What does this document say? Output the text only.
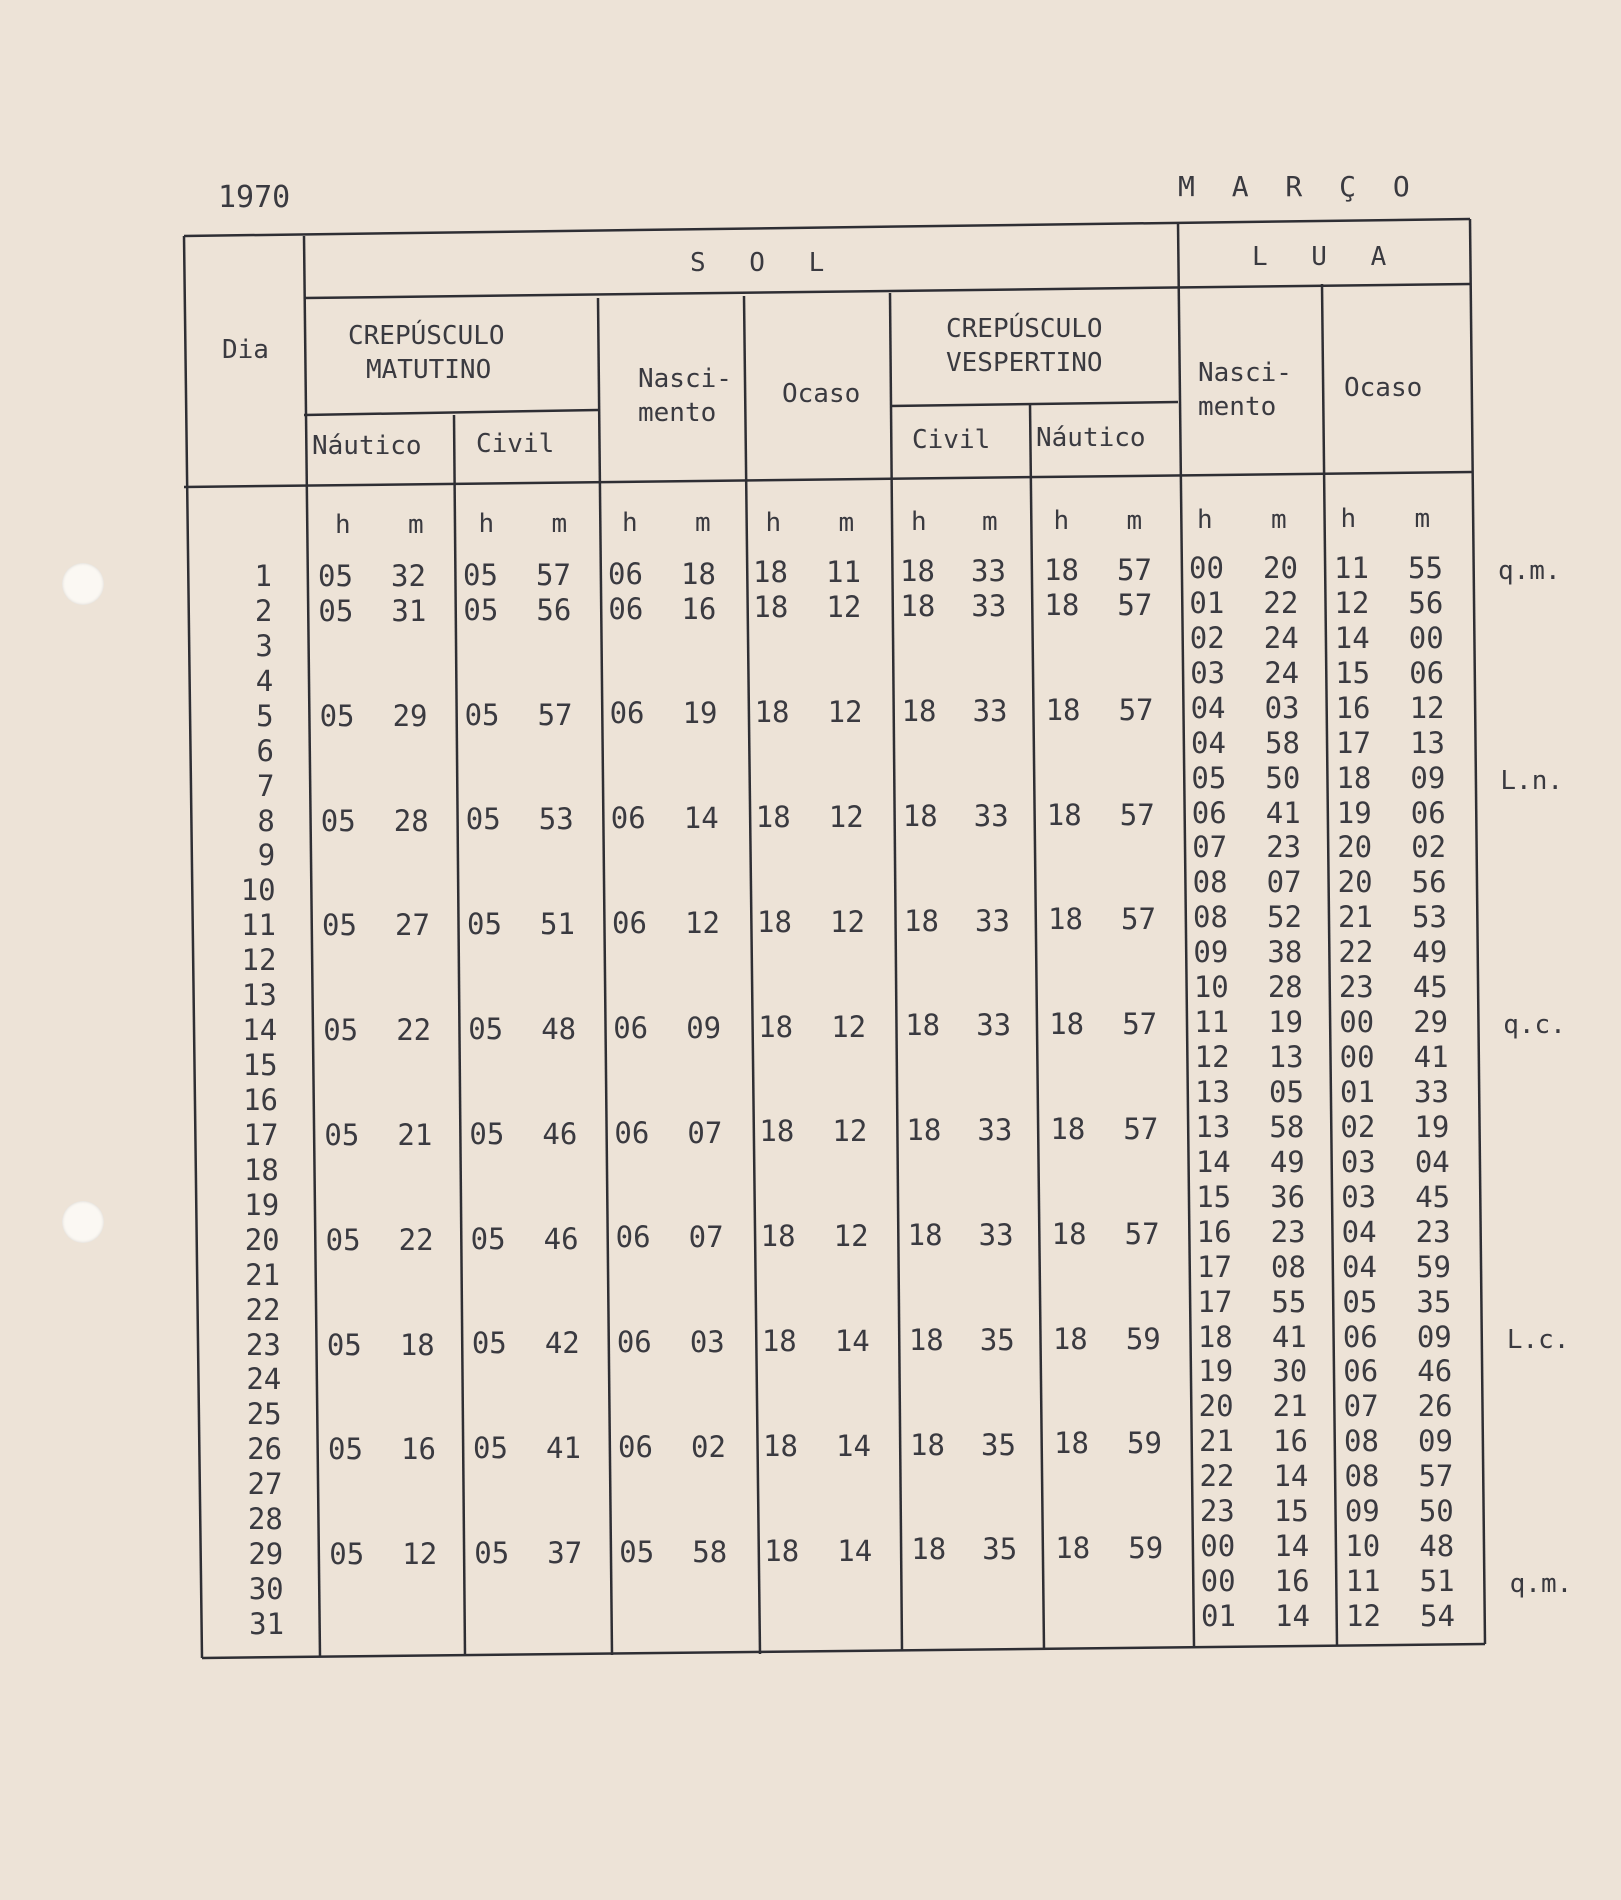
1970	M A R Ç O
Dia
S O L	L U A
CREPÚSCULO
MATUTINO	Nasci-
mento
Ocaso
CREPÚSCULO
VESPERTINO	Nasci-
mento
Ocaso
Náutico Civil	Civil Náutico
h m h m h m h m h m h m h m h m
1 05 32 05 57 06 18 18 11 18 33 18 57 00 20 11 55 q.m.
2 05 31 05 56 06 16 18 12 18 33 18 57 01 22 12 56
3	02 24 14 00
4	03 24 15 06
5 05 29 05 57 06 19 18 12 18 33 18 57 04 03 16 12
6	04 58 17 13
7	05 50 18 09 L.n.
8 05 28 05 53 06 14 18 12 18 33 18 57 06 41 19 06
9	07 23 20 02
10	08 07 20 56
11 05 27 05 51 06 12 18 12 18 33 18 57 08 52 21 53
12	09 38 22 49
13	10 28 23 45
14 05 22 05 48 06 09 18 12 18 33 18 57 11 19 00 29 q.c.
15	12 13 00 41
16	13 05 01 33
17 05 21 05 46 06 07 18 12 18 33 18 57 13 58 02 19
18	14 49 03 04
19	15 36 03 45
20 05 22 05 46 06 07 18 12 18 33 18 57 16 23 04 23
21	17 08 04 59
22	17 55 05 35
23 05 18 05 42 06 03 18 14 18 35 18 59 18 41 06 09 L.c.
24	19 30 06 46
25	20 21 07 26
26 05 16 05 41 06 02 18 14 18 35 18 59 21 16 08 09
27	22 14 08 57
28	23 15 09 50
29 05 12 05 37 05 58 18 14 18 35 18 59 00 14 10 48
30	00 16 11 51 q.m.
31	01 14 12 54
